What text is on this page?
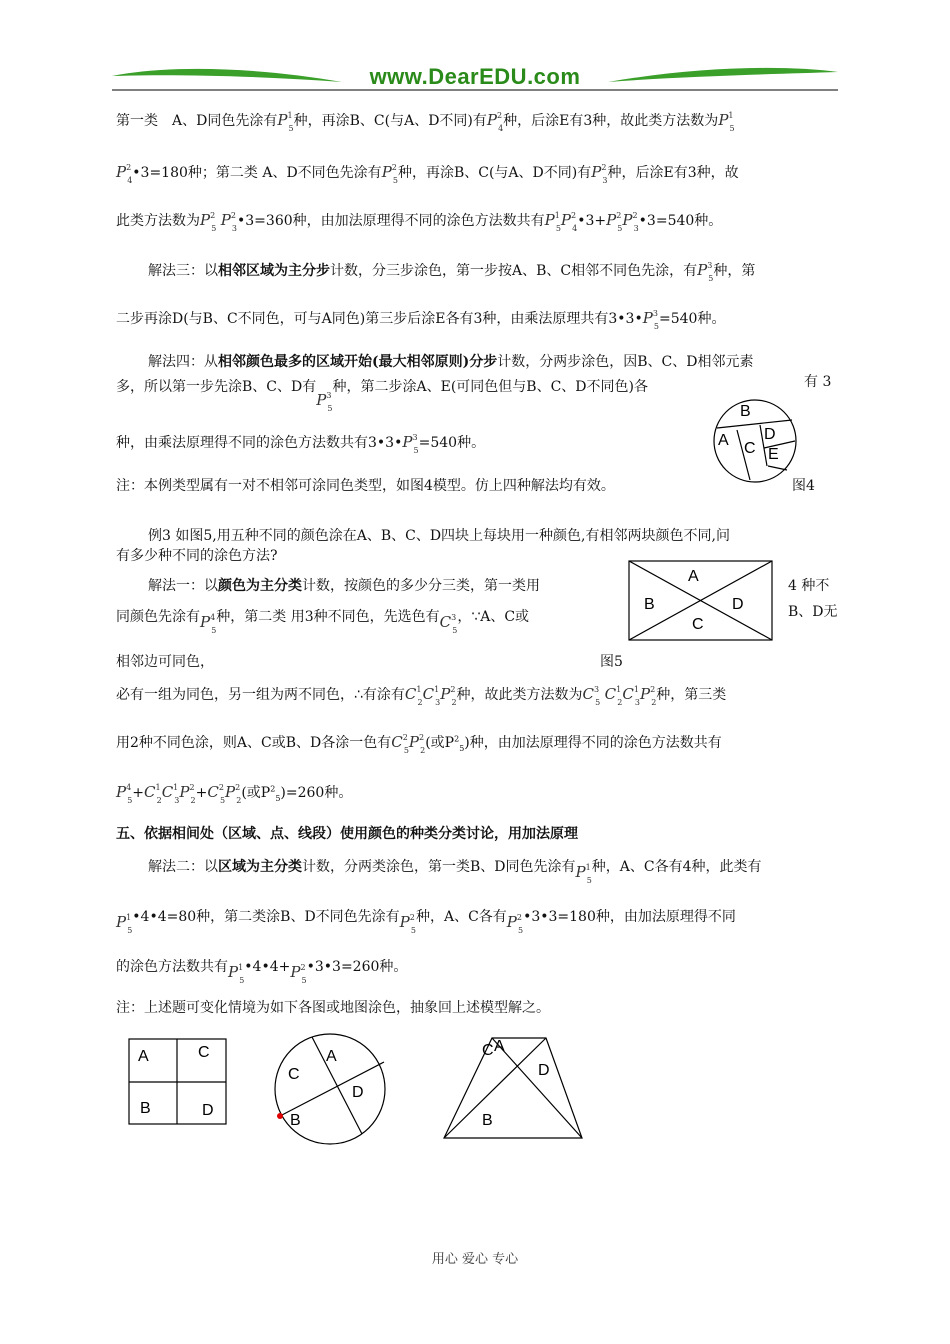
www.DearEDU.com
第一类　A、D同色先涂有$P^1_5$种，再涂B、C(与A、D不同)有$P^2_4$种，后涂E有3种，故此类方法数为$P^1_5$
$P^2_4•3=180$种；第二类 A、D不同色先涂有$P^2_5$种，再涂B、C(与A、D不同)有$P^2_3$种，后涂E有3种，故
此类方法数为$P^2_5$ $P^2_3•3=360$种，由加法原理得不同的涂色方法数共有$P^1_5P^2_4•3+P^2_5P^2_3•3=540$种。
解法三：以相邻区域为主分步计数，分三步涂色，第一步按A、B、C相邻不同色先涂，有$P^3_5$种，第
二步再涂D(与B、C不同色，可与A同色)第三步后涂E各有3种，由乘法原理共有$3•3•P^3_5=540$种。
解法四：从相邻颜色最多的区域开始(最大相邻原则)分步计数，分两步涂色，因B、C、D相邻元素
多，所以第一步先涂B、C、D有$P^3_5$种，第二步涂A、E(可同色但与B、C、D不同色)各	有 3
种，由乘法原理得不同的涂色方法数共有$3•3•P^3_5=540$种。
B
A C
D
E
注：本例类型属有一对不相邻可涂同色类型，如图4模型。仿上四种解法均有效。	图4
例3 如图5,用五种不同的颜色涂在A、B、C、D四块上每块用一种颜色,有相邻两块颜色不同,问
有多少种不同的涂色方法?
解法一：以颜色为主分类计数，按颜色的多少分三类，第一类用	4 种不
同颜色先涂有$P^4_5$种，第二类 用3种不同色，先选色有$C^3_5$，∵A、C或	B、D无
相邻边可同色，	图5
A
B	D
C
必有一组为同色，另一组为两不同色，∴有涂有$C^1_2C^1_3P^2_2$种，故此类方法数为$C^3_5$ $C^1_2C^1_3P^2_2$种，第三类
用2种不同色涂，则A、C或B、D各涂一色有$C^2_5P^2_2$(或$P^2_5$)种，由加法原理得不同的涂色方法数共有
$P^4_5+C^1_2C^1_3P^2_2+C^2_5P^2_2$(或$P^2_5)=260$种。
五、依据相间处（区域、点、线段）使用颜色的种类分类讨论，用加法原理
解法二：以区域为主分类计数，分两类涂色，第一类B、D同色先涂有$P^1_5$种，A、C各有4种，此类有
$P^1_5•4•4=80$种，第二类涂B、D不同色先涂有$P^2_5$种，A、C各有$P^2_5•3•3=180$种，由加法原理得不同
的涂色方法数共有$P^1_5•4•4+P^2_5•3•3=260$种。
注：上述题可变化情境为如下各图或地图涂色，抽象回上述模型解之。
A	C
B	D
A
C
D
B
C A
D
B
用心 爱心 专心
